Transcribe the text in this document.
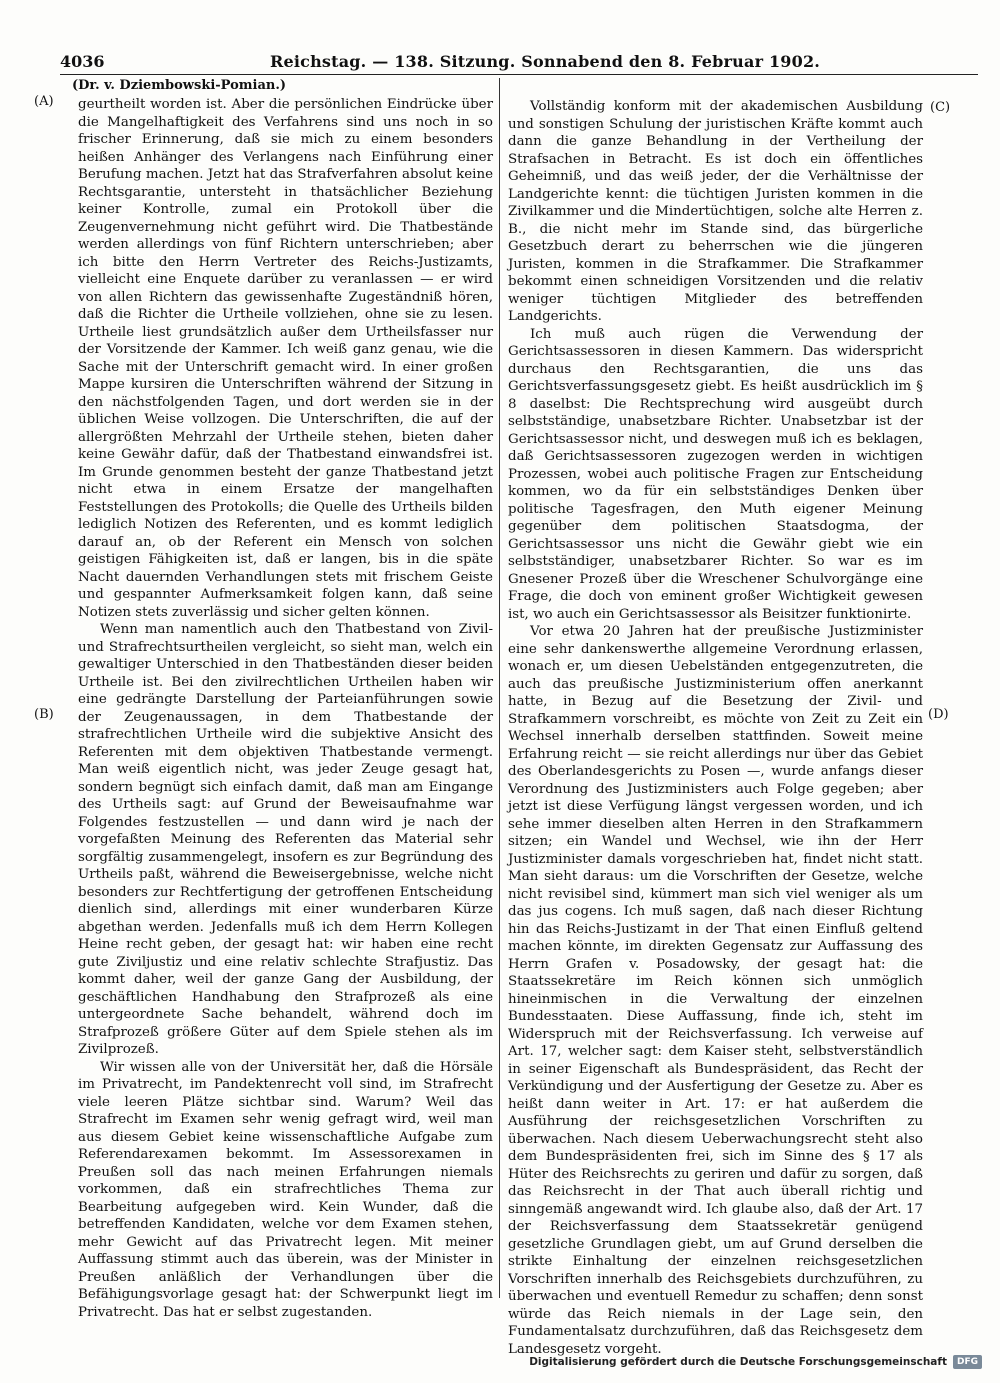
4036	Reichstag. — 138. Sitzung. Sonnabend den 8. Februar 1902.
(Dr. v. Dziembowski-Pomian.)
(A)
(B)
(C)
(D)

geurtheilt worden ist. Aber die persönlichen Eindrücke über die Mangelhaftigkeit des Verfahrens sind uns noch in so frischer Erinnerung, daß sie mich zu einem besonders heißen Anhänger des Verlangens nach Einführung einer Berufung machen. Jetzt hat das Strafverfahren absolut keine Rechtsgarantie, untersteht in thatsächlicher Beziehung keiner Kontrolle, zumal ein Protokoll über die Zeugenvernehmung nicht geführt wird. Die Thatbestände werden allerdings von fünf Richtern unterschrieben; aber ich bitte den Herrn Vertreter des Reichs-Justizamts, vielleicht eine Enquete darüber zu veranlassen — er wird von allen Richtern das gewissenhafte Zugeständniß hören, daß die Richter die Urtheile vollziehen, ohne sie zu lesen. Urtheile liest grundsätzlich außer dem Urtheilsfasser nur der Vorsitzende der Kammer. Ich weiß ganz genau, wie die Sache mit der Unterschrift gemacht wird. In einer großen Mappe kursiren die Unterschriften während der Sitzung in den nächstfolgenden Tagen, und dort werden sie in der üblichen Weise vollzogen. Die Unterschriften, die auf der allergrößten Mehrzahl der Urtheile stehen, bieten daher keine Gewähr dafür, daß der Thatbestand einwandsfrei ist. Im Grunde genommen besteht der ganze Thatbestand jetzt nicht etwa in einem Ersatze der mangelhaften Feststellungen des Protokolls; die Quelle des Urtheils bilden lediglich Notizen des Referenten, und es kommt lediglich darauf an, ob der Referent ein Mensch von solchen geistigen Fähigkeiten ist, daß er langen, bis in die späte Nacht dauernden Verhandlungen stets mit frischem Geiste und gespannter Aufmerksamkeit folgen kann, daß seine Notizen stets zuverlässig und sicher gelten können.

Wenn man namentlich auch den Thatbestand von Zivil- und Strafrechtsurtheilen vergleicht, so sieht man, welch ein gewaltiger Unterschied in den Thatbeständen dieser beiden Urtheile ist. Bei den zivilrechtlichen Urtheilen haben wir eine gedrängte Darstellung der Parteianführungen sowie der Zeugenaussagen, in dem Thatbestande der strafrechtlichen Urtheile wird die subjektive Ansicht des Referenten mit dem objektiven Thatbestande vermengt. Man weiß eigentlich nicht, was jeder Zeuge gesagt hat, sondern begnügt sich einfach damit, daß man am Eingange des Urtheils sagt: auf Grund der Beweisaufnahme war Folgendes festzustellen — und dann wird je nach der vorgefaßten Meinung des Referenten das Material sehr sorgfältig zusammengelegt, insofern es zur Begründung des Urtheils paßt, während die Beweisergebnisse, welche nicht besonders zur Rechtfertigung der getroffenen Entscheidung dienlich sind, allerdings mit einer wunderbaren Kürze abgethan werden. Jedenfalls muß ich dem Herrn Kollegen Heine recht geben, der gesagt hat: wir haben eine recht gute Ziviljustiz und eine relativ schlechte Strafjustiz. Das kommt daher, weil der ganze Gang der Ausbildung, der geschäftlichen Handhabung den Strafprozeß als eine untergeordnete Sache behandelt, während doch im Strafprozeß größere Güter auf dem Spiele stehen als im Zivilprozeß.

Wir wissen alle von der Universität her, daß die Hörsäle im Privatrecht, im Pandektenrecht voll sind, im Strafrecht viele leeren Plätze sichtbar sind. Warum? Weil das Strafrecht im Examen sehr wenig gefragt wird, weil man aus diesem Gebiet keine wissenschaftliche Aufgabe zum Referendarexamen bekommt. Im Assessorexamen in Preußen soll das nach meinen Erfahrungen niemals vorkommen, daß ein strafrechtliches Thema zur Bearbeitung aufgegeben wird. Kein Wunder, daß die betreffenden Kandidaten, welche vor dem Examen stehen, mehr Gewicht auf das Privatrecht legen. Mit meiner Auffassung stimmt auch das überein, was der Minister in Preußen anläßlich der Verhandlungen über die Befähigungsvorlage gesagt hat: der Schwerpunkt liegt im Privatrecht. Das hat er selbst zugestanden.

Vollständig konform mit der akademischen Ausbildung und sonstigen Schulung der juristischen Kräfte kommt auch dann die ganze Behandlung in der Vertheilung der Strafsachen in Betracht. Es ist doch ein öffentliches Geheimniß, und das weiß jeder, der die Verhältnisse der Landgerichte kennt: die tüchtigen Juristen kommen in die Zivilkammer und die Mindertüchtigen, solche alte Herren z. B., die nicht mehr im Stande sind, das bürgerliche Gesetzbuch derart zu beherrschen wie die jüngeren Juristen, kommen in die Strafkammer. Die Strafkammer bekommt einen schneidigen Vorsitzenden und die relativ weniger tüchtigen Mitglieder des betreffenden Landgerichts.

Ich muß auch rügen die Verwendung der Gerichtsassessoren in diesen Kammern. Das widerspricht durchaus den Rechtsgarantien, die uns das Gerichtsverfassungsgesetz giebt. Es heißt ausdrücklich im § 8 daselbst: Die Rechtsprechung wird ausgeübt durch selbstständige, unabsetzbare Richter. Unabsetzbar ist der Gerichtsassessor nicht, und deswegen muß ich es beklagen, daß Gerichtsassessoren zugezogen werden in wichtigen Prozessen, wobei auch politische Fragen zur Entscheidung kommen, wo da für ein selbstständiges Denken über politische Tagesfragen, den Muth eigener Meinung gegenüber dem politischen Staatsdogma, der Gerichtsassessor uns nicht die Gewähr giebt wie ein selbstständiger, unabsetzbarer Richter. So war es im Gnesener Prozeß über die Wreschener Schulvorgänge eine Frage, die doch von eminent großer Wichtigkeit gewesen ist, wo auch ein Gerichtsassessor als Beisitzer funktionirte.

Vor etwa 20 Jahren hat der preußische Justizminister eine sehr dankenswerthe allgemeine Verordnung erlassen, wonach er, um diesen Uebelständen entgegenzutreten, die auch das preußische Justizministerium offen anerkannt hatte, in Bezug auf die Besetzung der Zivil- und Strafkammern vorschreibt, es möchte von Zeit zu Zeit ein Wechsel innerhalb derselben stattfinden. Soweit meine Erfahrung reicht — sie reicht allerdings nur über das Gebiet des Oberlandesgerichts zu Posen —, wurde anfangs dieser Verordnung des Justizministers auch Folge gegeben; aber jetzt ist diese Verfügung längst vergessen worden, und ich sehe immer dieselben alten Herren in den Strafkammern sitzen; ein Wandel und Wechsel, wie ihn der Herr Justizminister damals vorgeschrieben hat, findet nicht statt. Man sieht daraus: um die Vorschriften der Gesetze, welche nicht revisibel sind, kümmert man sich viel weniger als um das jus cogens. Ich muß sagen, daß nach dieser Richtung hin das Reichs-Justizamt in der That einen Einfluß geltend machen könnte, im direkten Gegensatz zur Auffassung des Herrn Grafen v. Posadowsky, der gesagt hat: die Staatssekretäre im Reich können sich unmöglich hineinmischen in die Verwaltung der einzelnen Bundesstaaten. Diese Auffassung, finde ich, steht im Widerspruch mit der Reichsverfassung. Ich verweise auf Art. 17, welcher sagt: dem Kaiser steht, selbstverständlich in seiner Eigenschaft als Bundespräsident, das Recht der Verkündigung und der Ausfertigung der Gesetze zu. Aber es heißt dann weiter in Art. 17: er hat außerdem die Ausführung der reichsgesetzlichen Vorschriften zu überwachen. Nach diesem Ueberwachungsrecht steht also dem Bundespräsidenten frei, sich im Sinne des § 17 als Hüter des Reichsrechts zu geriren und dafür zu sorgen, daß das Reichsrecht in der That auch überall richtig und sinngemäß angewandt wird. Ich glaube also, daß der Art. 17 der Reichsverfassung dem Staatssekretär genügend gesetzliche Grundlagen giebt, um auf Grund derselben die strikte Einhaltung der einzelnen reichsgesetzlichen Vorschriften innerhalb des Reichsgebiets durchzuführen, zu überwachen und eventuell Remedur zu schaffen; denn sonst würde das Reich niemals in der Lage sein, den Fundamentalsatz durchzuführen, daß das Reichsgesetz dem Landesgesetz vorgeht.

Digitalisierung gefördert durch die Deutsche Forschungsgemeinschaft	DFG
